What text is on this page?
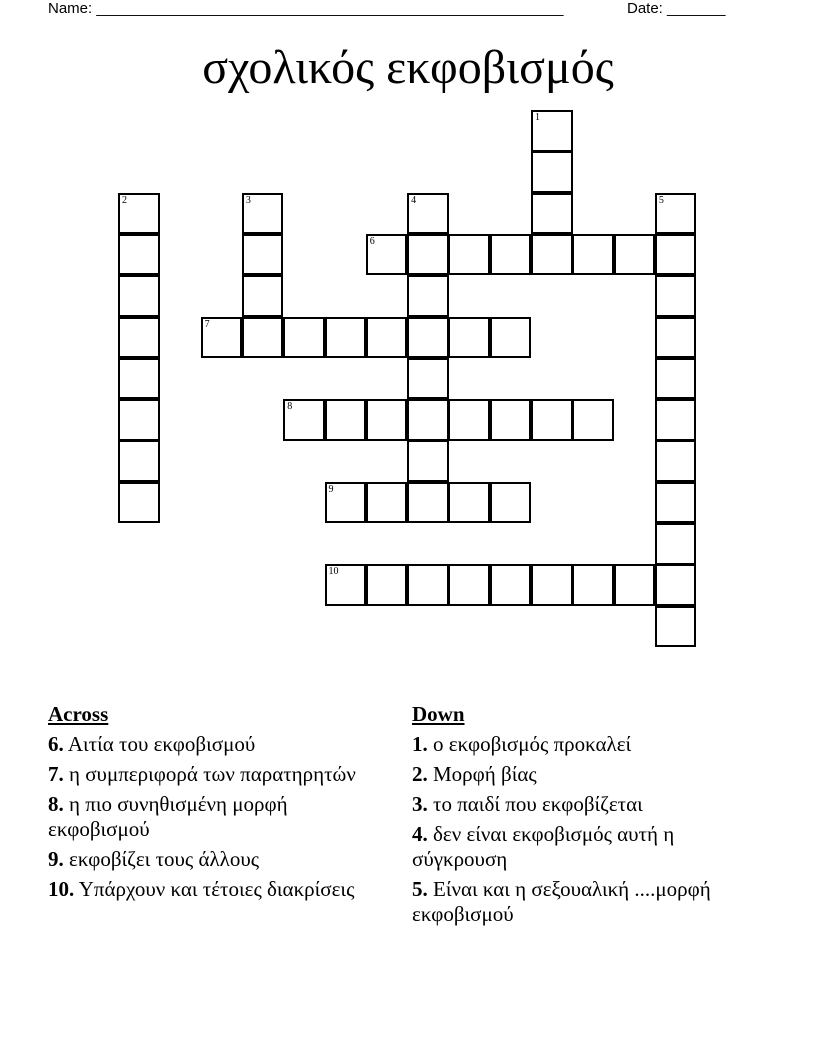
Name: ________________________________________________________	Date: _______
σχολικός εκφοβισμός
6
7
8
9
10
1
2	3	4	5
Across
6. Αιτία του εκφοβισμού
7. η συμπεριφορά των παρατηρητών
8. η πιο συνηθισμένη μορφή εκφοβισμού
9. εκφοβίζει τους άλλους
10. Υπάρχουν και τέτοιες διακρίσεις
Down
1. ο εκφοβισμός προκαλεί
2. Μορφή βίας
3. το παιδί που εκφοβίζεται
4. δεν είναι εκφοβισμός αυτή η σύγκρουση
5. Είναι και η σεξουαλική ....μορφή εκφοβισμού
